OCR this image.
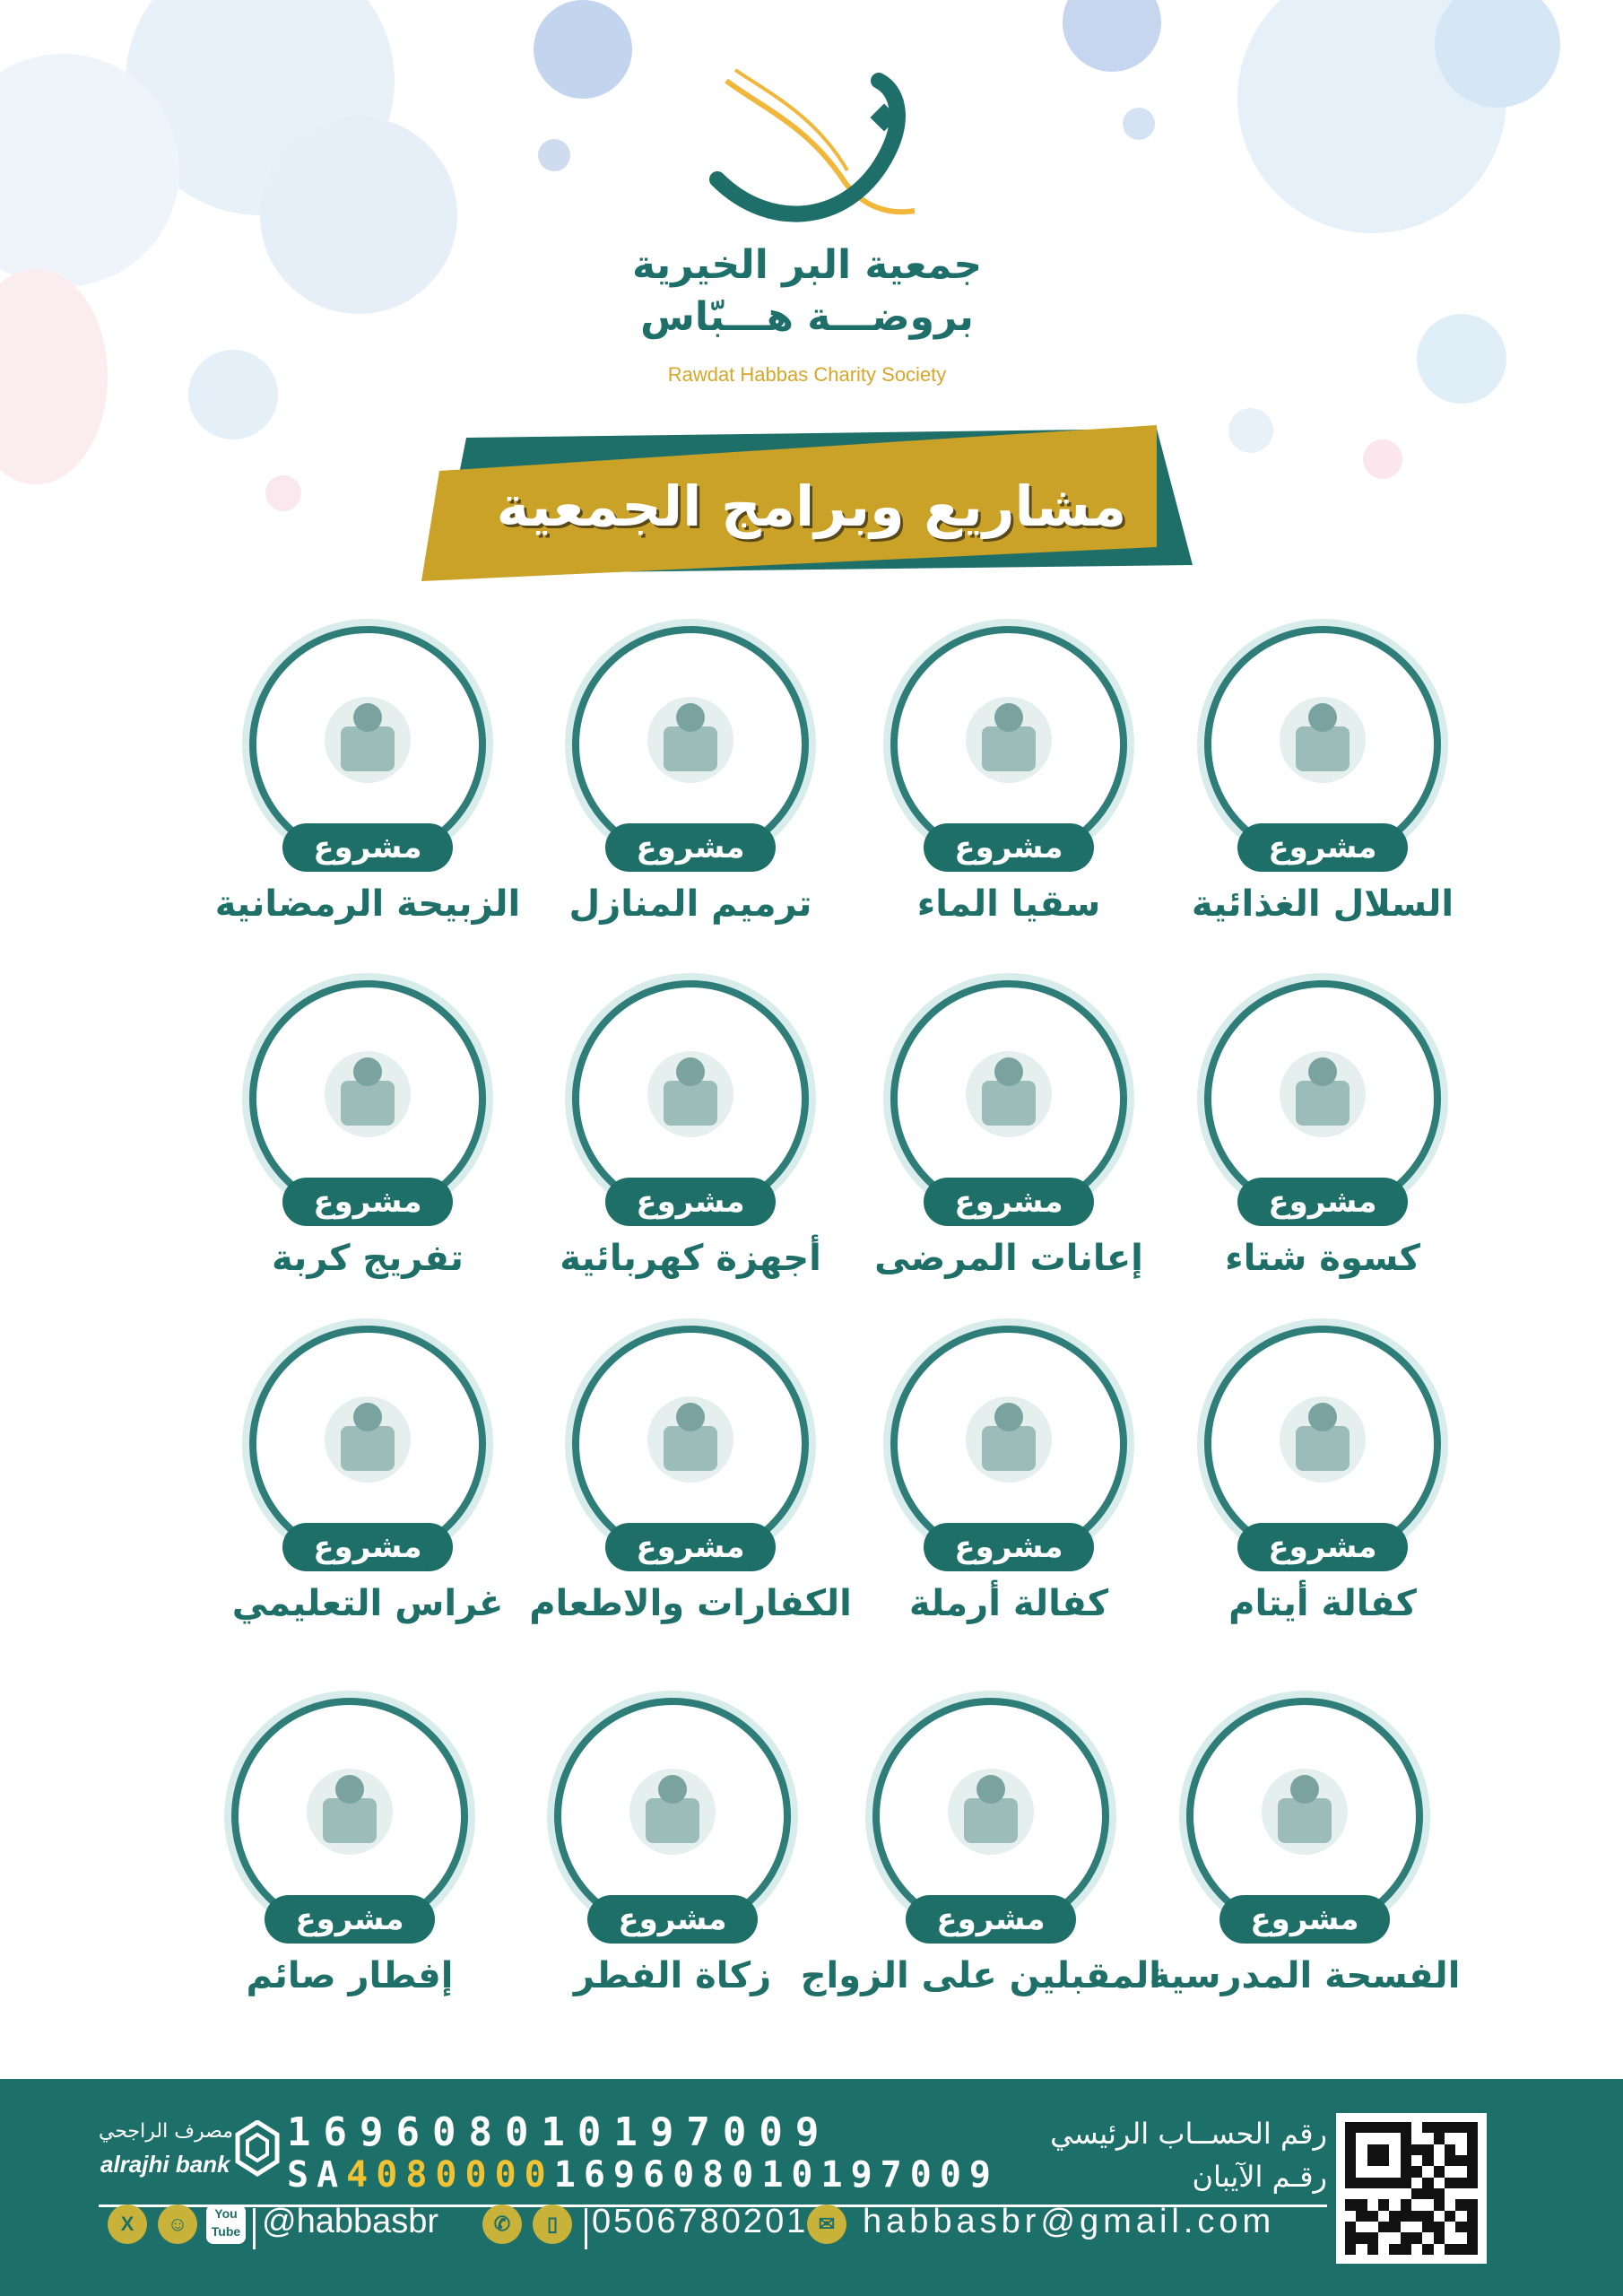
جمعية البر الخيرية
بروضـــة هـــبّاس
Rawdat Habbas Charity Society
مشاريع وبرامج الجمعية
مشروع
السلال الغذائية
مشروع
سقيا الماء
مشروع
ترميم المنازل
مشروع
الزبيحة الرمضانية
مشروع
كسوة شتاء
مشروع
إعانات المرضى
مشروع
أجهزة كهربائية
مشروع
تفريج كربة
مشروع
كفالة أيتام
مشروع
كفالة أرملة
مشروع
الكفارات والاطعام
مشروع
غراس التعليمي
مشروع
الفسحة المدرسية
مشروع
المقبلين على الزواج
مشروع
زكاة الفطر
مشروع
إفطار صائم
رقم الحســاب الرئيسي
رقـم الآيبان
169608010197009
SA4080000169608010197009
مصرف الراجحي
alrajhi bank
habbasbr@gmail.com
✉
0506780201
▯
✆
@habbasbr
You Tube
☺
X
